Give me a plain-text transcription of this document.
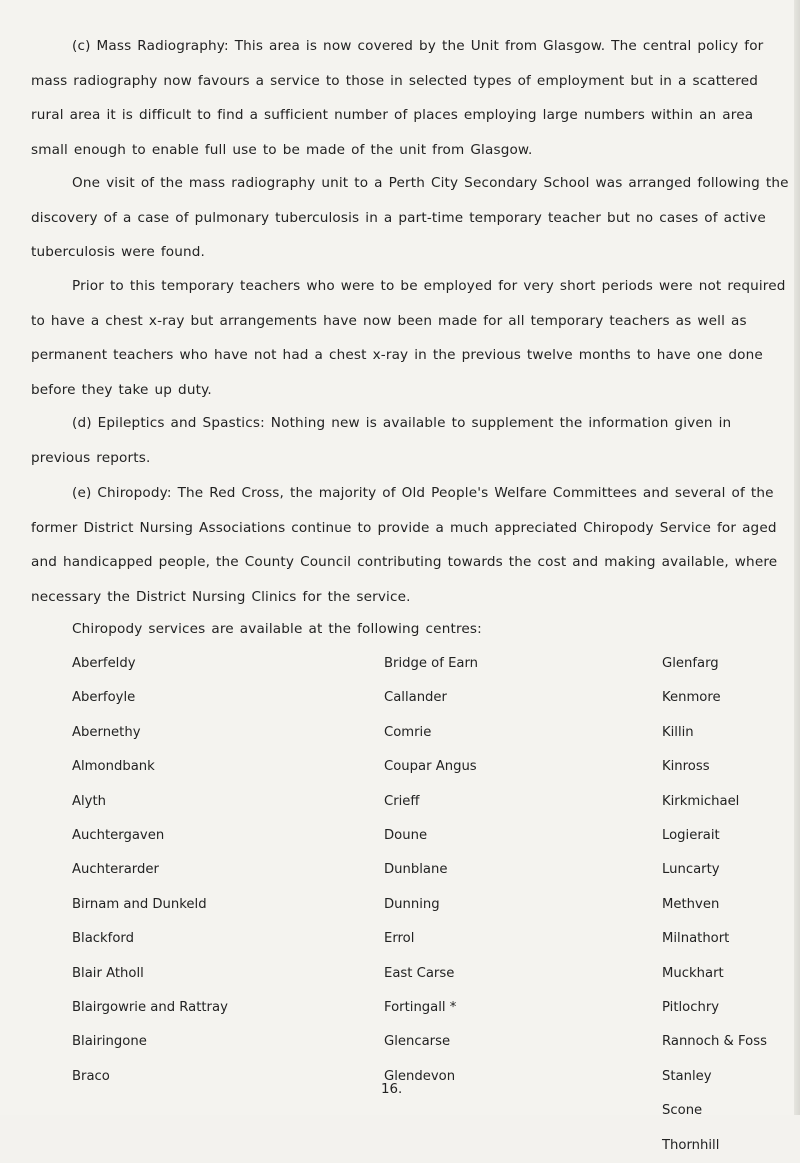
(c) Mass Radiography: This area is now covered by the Unit from Glasgow. The central policy for mass radiography now favours a service to those in selected types of employment but in a scattered rural area it is difficult to find a sufficient number of places employing large numbers within an area small enough to enable full use to be made of the unit from Glasgow.

One visit of the mass radiography unit to a Perth City Secondary School was arranged following the discovery of a case of pulmonary tuberculosis in a part-time temporary teacher but no cases of active tuberculosis were found.

Prior to this temporary teachers who were to be employed for very short periods were not required to have a chest x-ray but arrangements have now been made for all temporary teachers as well as permanent teachers who have not had a chest x-ray in the previous twelve months to have one done before they take up duty.

(d) Epileptics and Spastics: Nothing new is available to supplement the information given in previous reports.

(e) Chiropody: The Red Cross, the majority of Old People's Welfare Committees and several of the former District Nursing Associations continue to provide a much appreciated Chiropody Service for aged and handicapped people, the County Council contributing towards the cost and making available, where necessary the District Nursing Clinics for the service.

Chiropody services are available at the following centres:

Aberfeldy
Aberfoyle
Abernethy
Almondbank
Alyth
Auchtergaven
Auchterarder
Birnam and Dunkeld
Blackford
Blair Atholl
Blairgowrie and Rattray
Blairingone
Braco
Bridge of Earn
Callander
Comrie
Coupar Angus
Crieff
Doune
Dunblane
Dunning
Errol
East Carse
Fortingall *
Glencarse
Glendevon
Glenfarg
Kenmore
Killin
Kinross
Kirkmichael
Logierait
Luncarty
Methven
Milnathort
Muckhart
Pitlochry
Rannoch & Foss
Stanley
Scone
Thornhill

16.
